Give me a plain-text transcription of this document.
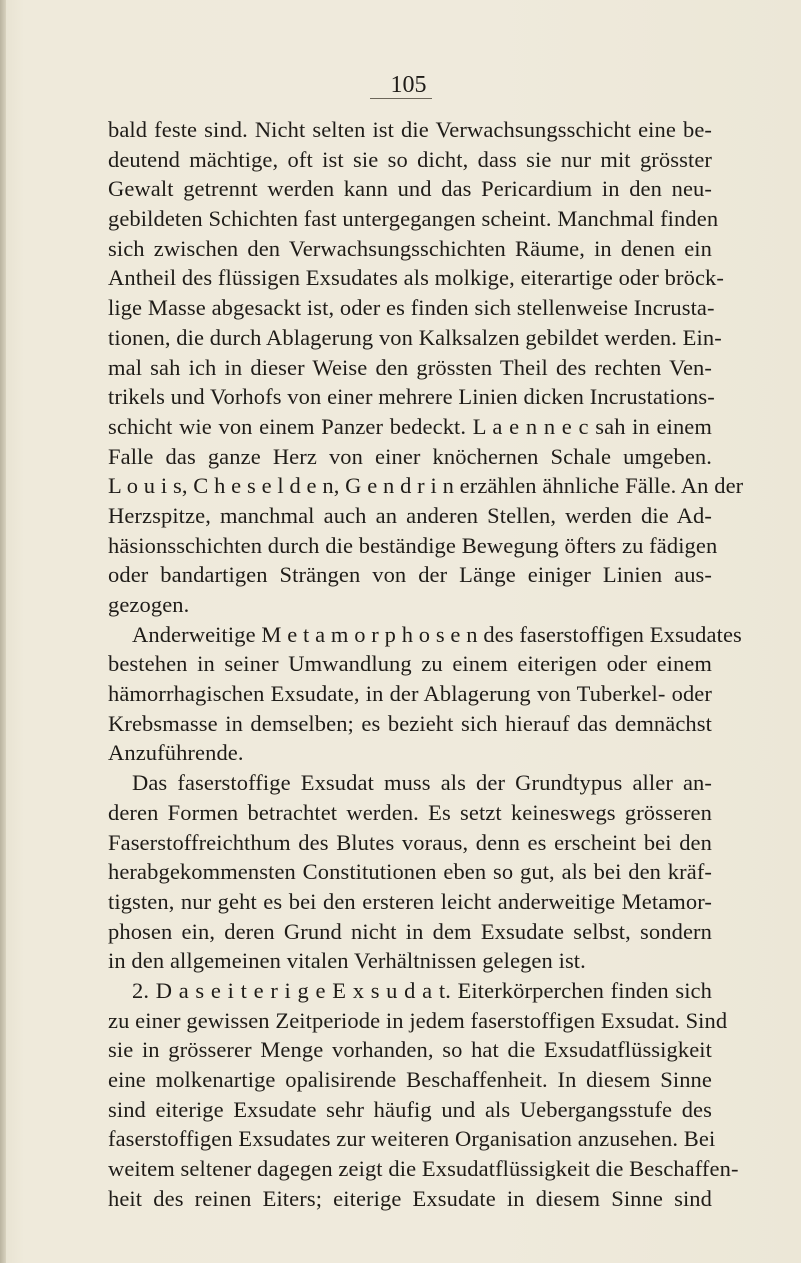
105
bald feste sind. Nicht selten ist die Verwachsungsschicht eine be-
deutend mächtige, oft ist sie so dicht, dass sie nur mit grösster
Gewalt getrennt werden kann und das Pericardium in den neu-
gebildeten Schichten fast untergegangen scheint. Manchmal finden
sich zwischen den Verwachsungsschichten Räume, in denen ein
Antheil des flüssigen Exsudates als molkige, eiterartige oder bröck-
lige Masse abgesackt ist, oder es finden sich stellenweise Incrusta-
tionen, die durch Ablagerung von Kalksalzen gebildet werden. Ein-
mal sah ich in dieser Weise den grössten Theil des rechten Ven-
trikels und Vorhofs von einer mehrere Linien dicken Incrustations-
schicht wie von einem Panzer bedeckt. L a e n n e c sah in einem
Falle das ganze Herz von einer knöchernen Schale umgeben.
L o u i s, C h e s e l d e n, G e n d r i n erzählen ähnliche Fälle. An der
Herzspitze, manchmal auch an anderen Stellen, werden die Ad-
häsionsschichten durch die beständige Bewegung öfters zu fädigen
oder bandartigen Strängen von der Länge einiger Linien aus-
gezogen.
Anderweitige M e t a m o r p h o s e n des faserstoffigen Exsudates
bestehen in seiner Umwandlung zu einem eiterigen oder einem
hämorrhagischen Exsudate, in der Ablagerung von Tuberkel- oder
Krebsmasse in demselben; es bezieht sich hierauf das demnächst
Anzuführende.
Das faserstoffige Exsudat muss als der Grundtypus aller an-
deren Formen betrachtet werden. Es setzt keineswegs grösseren
Faserstoffreichthum des Blutes voraus, denn es erscheint bei den
herabgekommensten Constitutionen eben so gut, als bei den kräf-
tigsten, nur geht es bei den ersteren leicht anderweitige Metamor-
phosen ein, deren Grund nicht in dem Exsudate selbst, sondern
in den allgemeinen vitalen Verhältnissen gelegen ist.
2. D a s e i t e r i g e E x s u d a t. Eiterkörperchen finden sich
zu einer gewissen Zeitperiode in jedem faserstoffigen Exsudat. Sind
sie in grösserer Menge vorhanden, so hat die Exsudatflüssigkeit
eine molkenartige opalisirende Beschaffenheit. In diesem Sinne
sind eiterige Exsudate sehr häufig und als Uebergangsstufe des
faserstoffigen Exsudates zur weiteren Organisation anzusehen. Bei
weitem seltener dagegen zeigt die Exsudatflüssigkeit die Beschaffen-
heit des reinen Eiters; eiterige Exsudate in diesem Sinne sind
